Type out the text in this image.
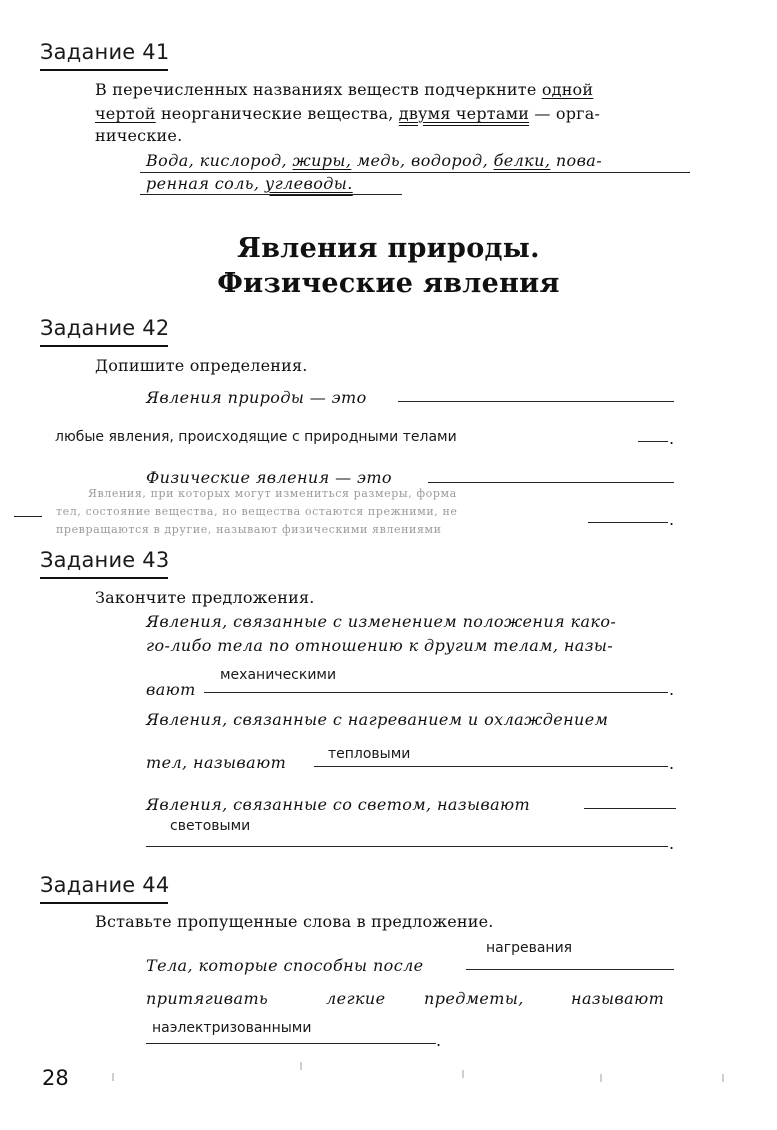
Задание 41
В перечисленных названиях веществ подчеркните одной
чертой неорганические вещества, двумя чертами — орга-
нические.
Вода, кислород, жиры, медь, водород, белки, пова-
ренная соль, углеводы.
Явления природы.
Физические явления
Задание 42
Допишите определения.
Явления природы — это
любые явления, происходящие с природными телами	.
Физические явления — это
Явления, при которых могут измениться размеры, форма
тел, состояние вещества, но вещества остаются прежними, не
превращаются в другие, называют физическими явлениями
.
Задание 43
Закончите предложения.
Явления, связанные с изменением положения како-
го-либо тела по отношению к другим телам, назы-
механическими
вают	.
Явления, связанные с нагреванием и охлаждением
тепловыми
тел, называют	.
Явления, связанные со светом, называют
световыми
.
Задание 44
Вставьте пропущенные слова в предложение.
нагревания
Тела, которые способны после
притягивать	легкие предметы,	называют
наэлектризованными
.
28
